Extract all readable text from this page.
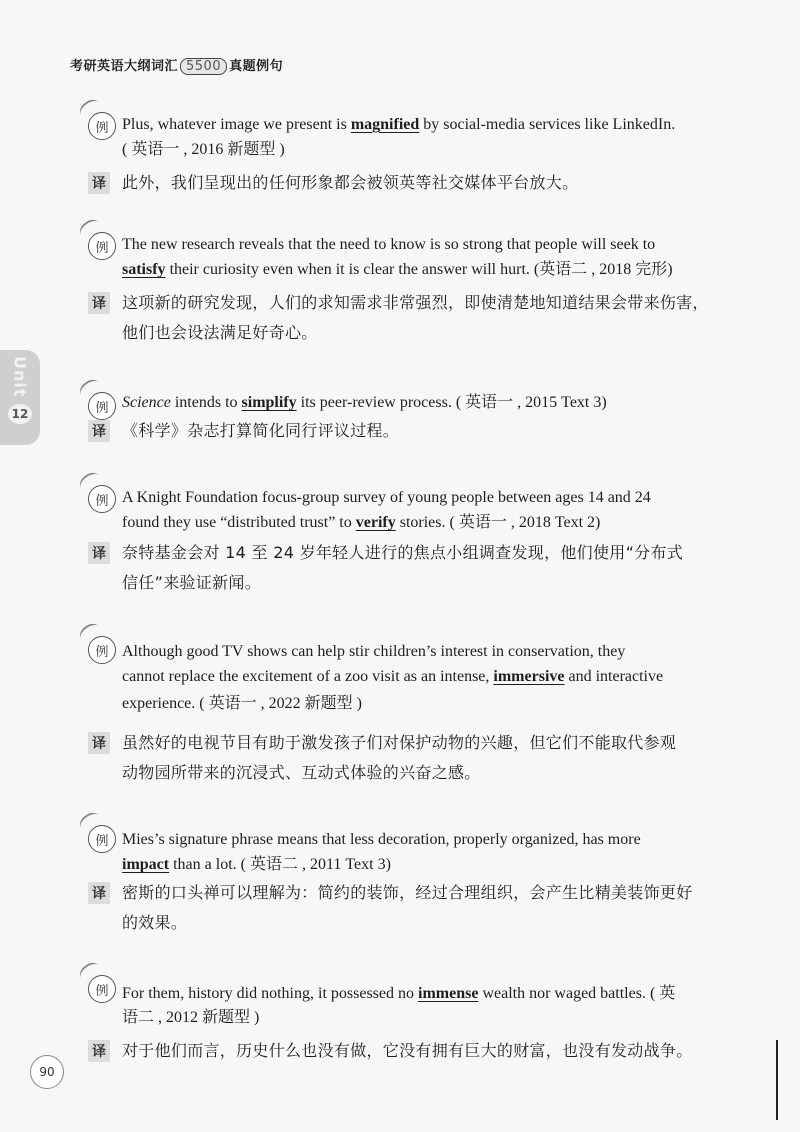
考研英语大纲词汇 5500 真题例句
Unit
12
例 Plus, whatever image we present is magnified by social-media services like LinkedIn.
( 英语一 , 2016 新题型 )
译 此外，我们呈现出的任何形象都会被领英等社交媒体平台放大。
例 The new research reveals that the need to know is so strong that people will seek to
satisfy their curiosity even when it is clear the answer will hurt. (英语二 , 2018 完形)
译 这项新的研究发现，人们的求知需求非常强烈，即使清楚地知道结果会带来伤害，
他们也会设法满足好奇心。
例 Science intends to simplify its peer-review process. ( 英语一 , 2015 Text 3)
译 《科学》杂志打算简化同行评议过程。
例 A Knight Foundation focus-group survey of young people between ages 14 and 24
found they use “distributed trust” to verify stories. ( 英语一 , 2018 Text 2)
译 奈特基金会对 14 至 24 岁年轻人进行的焦点小组调查发现，他们使用“分布式
信任”来验证新闻。
例 Although good TV shows can help stir children’s interest in conservation, they
cannot replace the excitement of a zoo visit as an intense, immersive and interactive
experience. ( 英语一 , 2022 新题型 )
译 虽然好的电视节目有助于激发孩子们对保护动物的兴趣，但它们不能取代参观
动物园所带来的沉浸式、互动式体验的兴奋之感。
例 Mies’s signature phrase means that less decoration, properly organized, has more
impact than a lot. ( 英语二 , 2011 Text 3)
译 密斯的口头禅可以理解为：简约的装饰，经过合理组织，会产生比精美装饰更好
的效果。
例 For them, history did nothing, it possessed no immense wealth nor waged battles. ( 英
语二 , 2012 新题型 )
译 对于他们而言，历史什么也没有做，它没有拥有巨大的财富，也没有发动战争。
90
